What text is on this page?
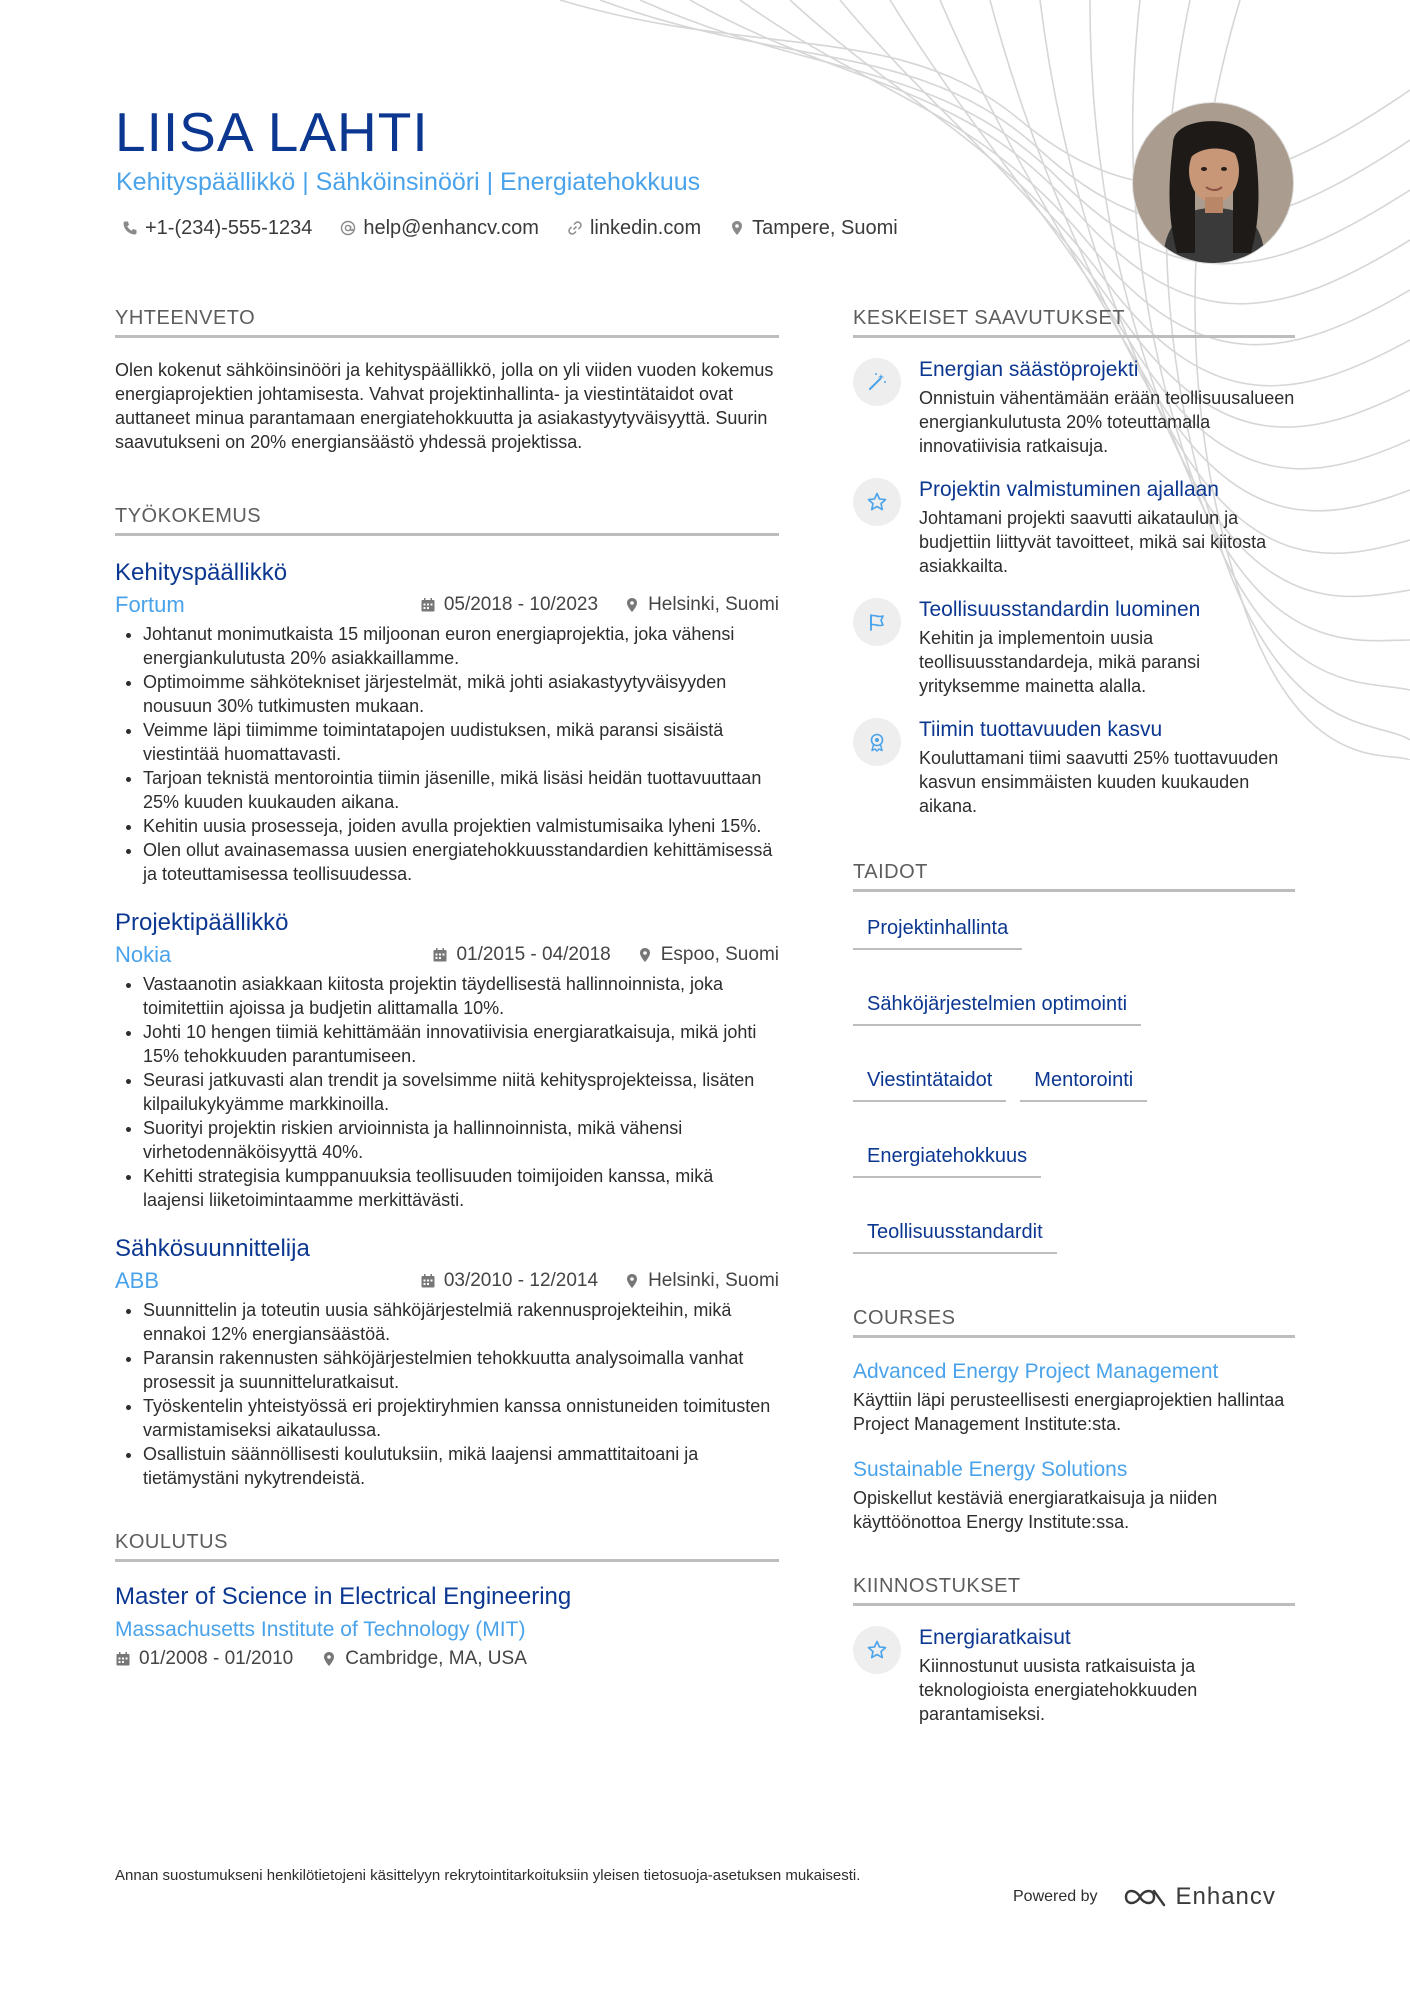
LIISA LAHTI
Kehityspäällikkö | Sähköinsinööri | Energiatehokkuus
+1-(234)-555-1234	help@enhancv.com	linkedin.com	Tampere, Suomi
YHTEENVETO

Olen kokenut sähköinsinööri ja kehityspäällikkö, jolla on yli viiden vuoden kokemus energiaprojektien johtamisesta. Vahvat projektinhallinta- ja viestintätaidot ovat auttaneet minua parantamaan energiatehokkuutta ja asiakastyytyväisyyttä. Suurin saavutukseni on 20% energiansäästö yhdessä projektissa.

TYÖKOKEMUS
Kehityspäällikkö
Fortum	05/2018 - 10/2023	Helsinki, Suomi
• Johtanut monimutkaista 15 miljoonan euron energiaprojektia, joka vähensi energiankulutusta 20% asiakkaillamme.
• Optimoimme sähkötekniset järjestelmät, mikä johti asiakastyytyväisyyden nousuun 30% tutkimusten mukaan.
• Veimme läpi tiimimme toimintatapojen uudistuksen, mikä paransi sisäistä viestintää huomattavasti.
• Tarjoan teknistä mentorointia tiimin jäsenille, mikä lisäsi heidän tuottavuuttaan 25% kuuden kuukauden aikana.
• Kehitin uusia prosesseja, joiden avulla projektien valmistumisaika lyheni 15%.
• Olen ollut avainasemassa uusien energiatehokkuusstandardien kehittämisessä ja toteuttamisessa teollisuudessa.
Projektipäällikkö
Nokia	01/2015 - 04/2018	Espoo, Suomi
• Vastaanotin asiakkaan kiitosta projektin täydellisestä hallinnoinnista, joka toimitettiin ajoissa ja budjetin alittamalla 10%.
• Johti 10 hengen tiimiä kehittämään innovatiivisia energiaratkaisuja, mikä johti 15% tehokkuuden parantumiseen.
• Seurasi jatkuvasti alan trendit ja sovelsimme niitä kehitysprojekteissa, lisäten kilpailukykyämme markkinoilla.
• Suorityi projektin riskien arvioinnista ja hallinnoinnista, mikä vähensi virhetodennäköisyyttä 40%.
• Kehitti strategisia kumppanuuksia teollisuuden toimijoiden kanssa, mikä laajensi liiketoimintaamme merkittävästi.
Sähkösuunnittelija
ABB	03/2010 - 12/2014	Helsinki, Suomi
• Suunnittelin ja toteutin uusia sähköjärjestelmiä rakennusprojekteihin, mikä ennakoi 12% energiansäästöä.
• Paransin rakennusten sähköjärjestelmien tehokkuutta analysoimalla vanhat prosessit ja suunnitteluratkaisut.
• Työskentelin yhteistyössä eri projektiryhmien kanssa onnistuneiden toimitusten varmistamiseksi aikataulussa.
• Osallistuin säännöllisesti koulutuksiin, mikä laajensi ammattitaitoani ja tietämystäni nykytrendeistä.
KOULUTUS
Master of Science in Electrical Engineering
Massachusetts Institute of Technology (MIT)
01/2008 - 01/2010	Cambridge, MA, USA
KESKEISET SAAVUTUKSET
Energian säästöprojekti
Onnistuin vähentämään erään teollisuusalueen energiankulutusta 20% toteuttamalla innovatiivisia ratkaisuja.
Projektin valmistuminen ajallaan
Johtamani projekti saavutti aikataulun ja budjettiin liittyvät tavoitteet, mikä sai kiitosta asiakkailta.
Teollisuusstandardin luominen
Kehitin ja implementoin uusia teollisuusstandardeja, mikä paransi yrityksemme mainetta alalla.
Tiimin tuottavuuden kasvu
Kouluttamani tiimi saavutti 25% tuottavuuden kasvun ensimmäisten kuuden kuukauden aikana.
TAIDOT
Projektinhallinta
Sähköjärjestelmien optimointi
Viestintätaidot	Mentorointi
Energiatehokkuus
Teollisuusstandardit
COURSES
Advanced Energy Project Management
Käyttiin läpi perusteellisesti energiaprojektien hallintaa Project Management Institute:sta.
Sustainable Energy Solutions
Opiskellut kestäviä energiaratkaisuja ja niiden käyttöönottoa Energy Institute:ssa.
KIINNOSTUKSET
Energiaratkaisut
Kiinnostunut uusista ratkaisuista ja teknologioista energiatehokkuuden parantamiseksi.
Annan suostumukseni henkilötietojeni käsittelyyn rekrytointitarkoituksiin yleisen tietosuoja-asetuksen mukaisesti.
Powered by	Enhancv
